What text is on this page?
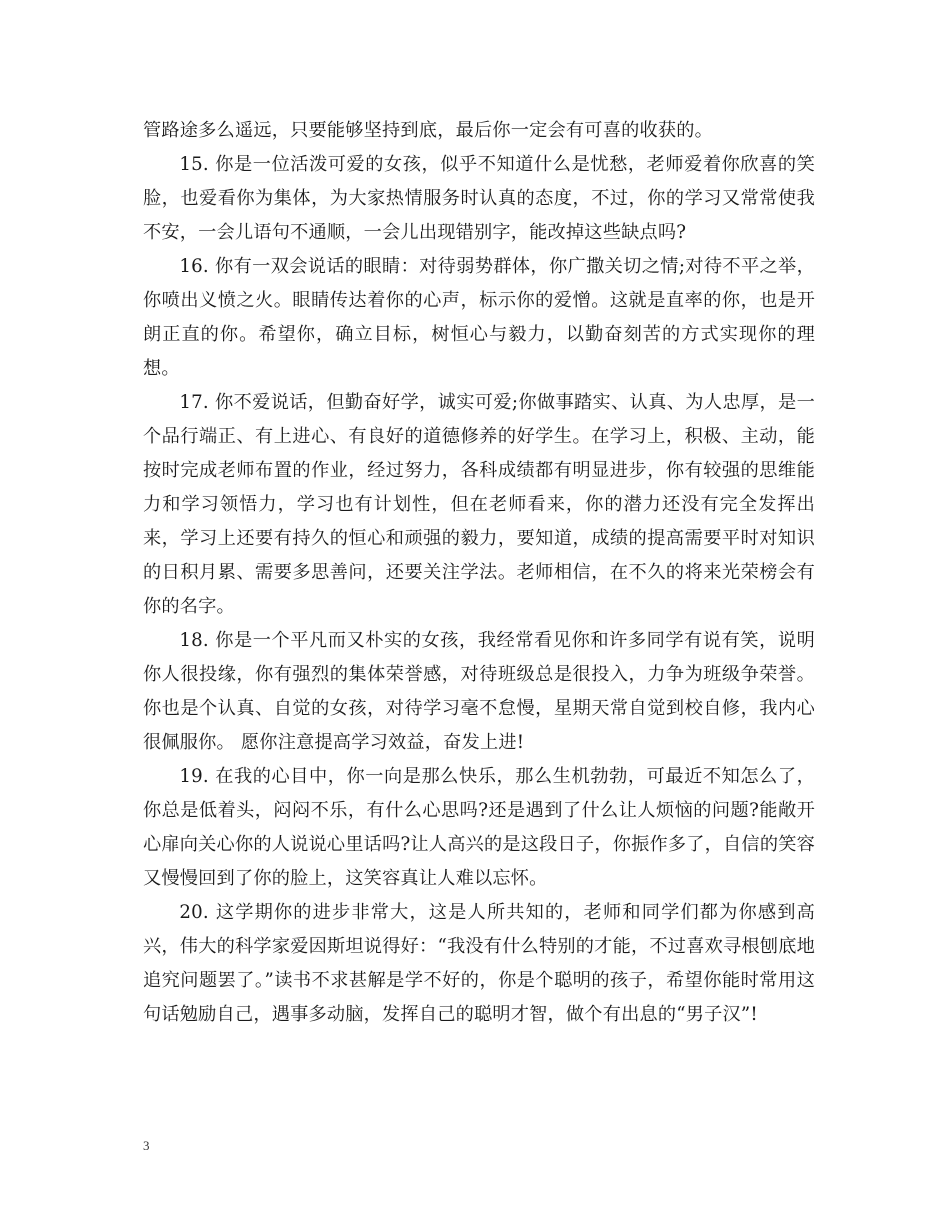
管路途多么遥远，只要能够坚持到底，最后你一定会有可喜的收获的。

15. 你是一位活泼可爱的女孩，似乎不知道什么是忧愁，老师爱着你欣喜的笑脸，也爱看你为集体，为大家热情服务时认真的态度，不过，你的学习又常常使我不安，一会儿语句不通顺，一会儿出现错别字，能改掉这些缺点吗?

16. 你有一双会说话的眼睛：对待弱势群体，你广撒关切之情;对待不平之举，你喷出义愤之火。眼睛传达着你的心声，标示你的爱憎。这就是直率的你，也是开朗正直的你。希望你，确立目标，树恒心与毅力，以勤奋刻苦的方式实现你的理想。

17. 你不爱说话，但勤奋好学，诚实可爱;你做事踏实、认真、为人忠厚，是一个品行端正、有上进心、有良好的道德修养的好学生。在学习上，积极、主动，能按时完成老师布置的作业，经过努力，各科成绩都有明显进步，你有较强的思维能力和学习领悟力，学习也有计划性，但在老师看来，你的潜力还没有完全发挥出来，学习上还要有持久的恒心和顽强的毅力，要知道，成绩的提高需要平时对知识的日积月累、需要多思善问，还要关注学法。老师相信，在不久的将来光荣榜会有你的名字。

18. 你是一个平凡而又朴实的女孩，我经常看见你和许多同学有说有笑，说明你人很投缘，你有强烈的集体荣誉感，对待班级总是很投入，力争为班级争荣誉。你也是个认真、自觉的女孩，对待学习毫不怠慢，星期天常自觉到校自修，我内心很佩服你。 愿你注意提高学习效益，奋发上进!

19. 在我的心目中，你一向是那么快乐，那么生机勃勃，可最近不知怎么了，你总是低着头，闷闷不乐，有什么心思吗?还是遇到了什么让人烦恼的问题?能敞开心扉向关心你的人说说心里话吗?让人高兴的是这段日子，你振作多了，自信的笑容又慢慢回到了你的脸上，这笑容真让人难以忘怀。

20. 这学期你的进步非常大，这是人所共知的，老师和同学们都为你感到高兴，伟大的科学家爱因斯坦说得好：“我没有什么特别的才能，不过喜欢寻根刨底地追究问题罢了。”读书不求甚解是学不好的，你是个聪明的孩子，希望你能时常用这句话勉励自己，遇事多动脑，发挥自己的聪明才智，做个有出息的“男子汉”!

3
